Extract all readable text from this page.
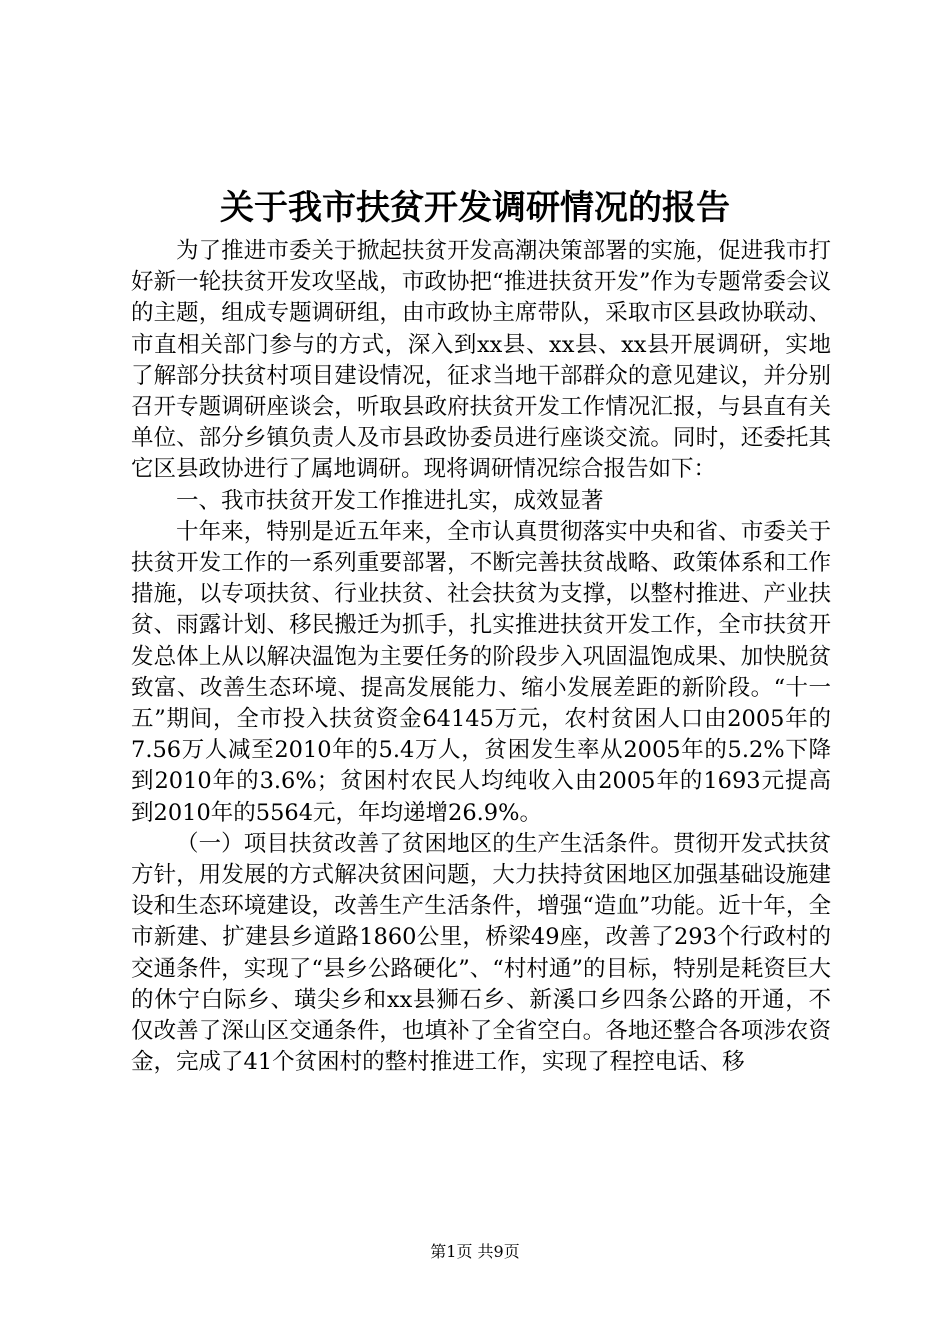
关于我市扶贫开发调研情况的报告

为了推进市委关于掀起扶贫开发高潮决策部署的实施，促进我市打好新一轮扶贫开发攻坚战，市政协把“推进扶贫开发”作为专题常委会议的主题，组成专题调研组，由市政协主席带队，采取市区县政协联动、市直相关部门参与的方式，深入到xx县、xx县、xx县开展调研，实地了解部分扶贫村项目建设情况，征求当地干部群众的意见建议，并分别召开专题调研座谈会，听取县政府扶贫开发工作情况汇报，与县直有关单位、部分乡镇负责人及市县政协委员进行座谈交流。同时，还委托其它区县政协进行了属地调研。现将调研情况综合报告如下：

一、我市扶贫开发工作推进扎实，成效显著

十年来，特别是近五年来，全市认真贯彻落实中央和省、市委关于扶贫开发工作的一系列重要部署，不断完善扶贫战略、政策体系和工作措施，以专项扶贫、行业扶贫、社会扶贫为支撑，以整村推进、产业扶贫、雨露计划、移民搬迁为抓手，扎实推进扶贫开发工作，全市扶贫开发总体上从以解决温饱为主要任务的阶段步入巩固温饱成果、加快脱贫致富、改善生态环境、提高发展能力、缩小发展差距的新阶段。“十一五”期间，全市投入扶贫资金64145万元，农村贫困人口由2005年的7.56万人减至2010年的5.4万人，贫困发生率从2005年的5.2%下降到2010年的3.6%；贫困村农民人均纯收入由2005年的1693元提高到2010年的5564元，年均递增26.9%。

（一）项目扶贫改善了贫困地区的生产生活条件。贯彻开发式扶贫方针，用发展的方式解决贫困问题，大力扶持贫困地区加强基础设施建设和生态环境建设，改善生产生活条件，增强“造血”功能。近十年，全市新建、扩建县乡道路1860公里，桥梁49座，改善了293个行政村的交通条件，实现了“县乡公路硬化”、“村村通”的目标，特别是耗资巨大的休宁白际乡、璜尖乡和xx县狮石乡、新溪口乡四条公路的开通，不仅改善了深山区交通条件，也填补了全省空白。各地还整合各项涉农资金，完成了41个贫困村的整村推进工作，实现了程控电话、移

第1页 共9页
